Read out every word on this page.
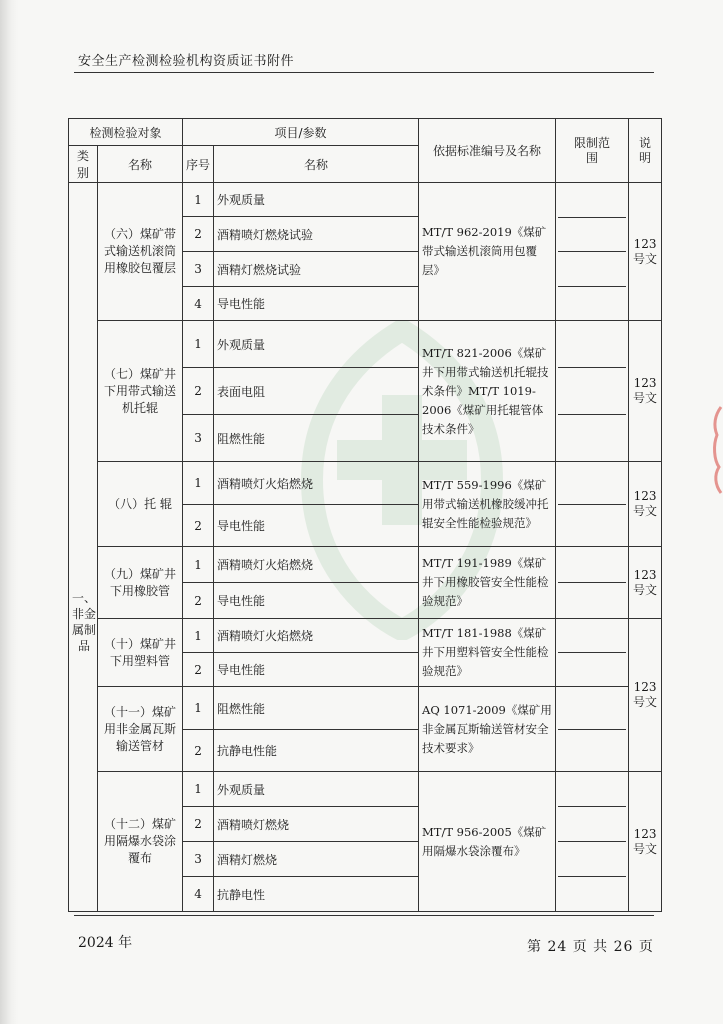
安全生产检测检验机构资质证书附件
检测检验对象		项目/参数		依据标准编号及名称	限制范围	说明

类别	名称	序号	名称			

一、非金属制品	（六）煤矿带式输送机滚筒用橡胶包覆层	1	外观质量	MT/T 962-2019《煤矿带式输送机滚筒用包覆层》		123号文

		2	酒精喷灯燃烧试验			
		3	酒精灯燃烧试验			
		4	导电性能			
	（七）煤矿井下用带式输送机托辊	1	外观质量	MT/T 821-2006《煤矿井下用带式输送机托辊技术条件》MT/T 1019-2006《煤矿用托辊管体技术条件》		123号文

		2	表面电阻			
		3	阻燃性能			
	（八）托 辊	1	酒精喷灯火焰燃烧	MT/T 559-1996《煤矿用带式输送机橡胶缓冲托辊安全性能检验规范》		123号文

		2	导电性能			
	（九）煤矿井下用橡胶管	1	酒精喷灯火焰燃烧	MT/T 191-1989《煤矿井下用橡胶管安全性能检验规范》		123号文

		2	导电性能			
	（十）煤矿井下用塑料管	1	酒精喷灯火焰燃烧	MT/T 181-1988《煤矿井下用塑料管安全性能检验规范》		123号文

		2	导电性能			
	（十一）煤矿用非金属瓦斯输送管材	1	阻燃性能	AQ 1071-2009《煤矿用非金属瓦斯输送管材安全技术要求》		

		2	抗静电性能			
	（十二）煤矿用隔爆水袋涂覆布	1	外观质量	MT/T 956-2005《煤矿用隔爆水袋涂覆布》		123号文

		2	酒精喷灯燃烧			
		3	酒精灯燃烧			
		4	抗静电性			
2024 年	第 24 页 共 26 页
